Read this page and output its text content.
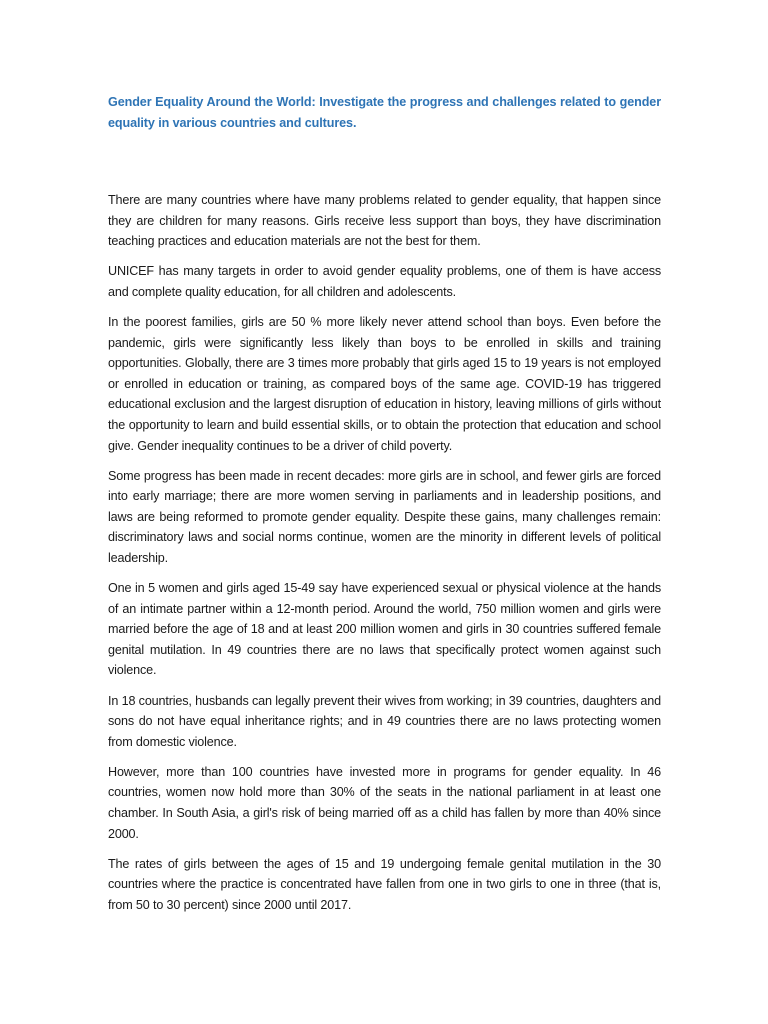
Gender Equality Around the World: Investigate the progress and challenges related to gender equality in various countries and cultures.

There are many countries where have many problems related to gender equality, that happen since they are children for many reasons. Girls receive less support than boys, they have discrimination teaching practices and education materials are not the best for them.

UNICEF has many targets in order to avoid gender equality problems, one of them is have access and complete quality education, for all children and adolescents.

In the poorest families, girls are 50 % more likely never attend school than boys. Even before the pandemic, girls were significantly less likely than boys to be enrolled in skills and training opportunities. Globally, there are 3 times more probably that girls aged 15 to 19 years is not employed or enrolled in education or training, as compared boys of the same age. COVID-19 has triggered educational exclusion and the largest disruption of education in history, leaving millions of girls without the opportunity to learn and build essential skills, or to obtain the protection that education and school give. Gender inequality continues to be a driver of child poverty.

Some progress has been made in recent decades: more girls are in school, and fewer girls are forced into early marriage; there are more women serving in parliaments and in leadership positions, and laws are being reformed to promote gender equality. Despite these gains, many challenges remain: discriminatory laws and social norms continue, women are the minority in different levels of political leadership.

One in 5 women and girls aged 15-49 say have experienced sexual or physical violence at the hands of an intimate partner within a 12-month period. Around the world, 750 million women and girls were married before the age of 18 and at least 200 million women and girls in 30 countries suffered female genital mutilation. In 49 countries there are no laws that specifically protect women against such violence.

In 18 countries, husbands can legally prevent their wives from working; in 39 countries, daughters and sons do not have equal inheritance rights; and in 49 countries there are no laws protecting women from domestic violence.

However, more than 100 countries have invested more in programs for gender equality. In 46 countries, women now hold more than 30% of the seats in the national parliament in at least one chamber. In South Asia, a girl's risk of being married off as a child has fallen by more than 40% since 2000.

The rates of girls between the ages of 15 and 19 undergoing female genital mutilation in the 30 countries where the practice is concentrated have fallen from one in two girls to one in three (that is, from 50 to 30 percent) since 2000 until 2017.
